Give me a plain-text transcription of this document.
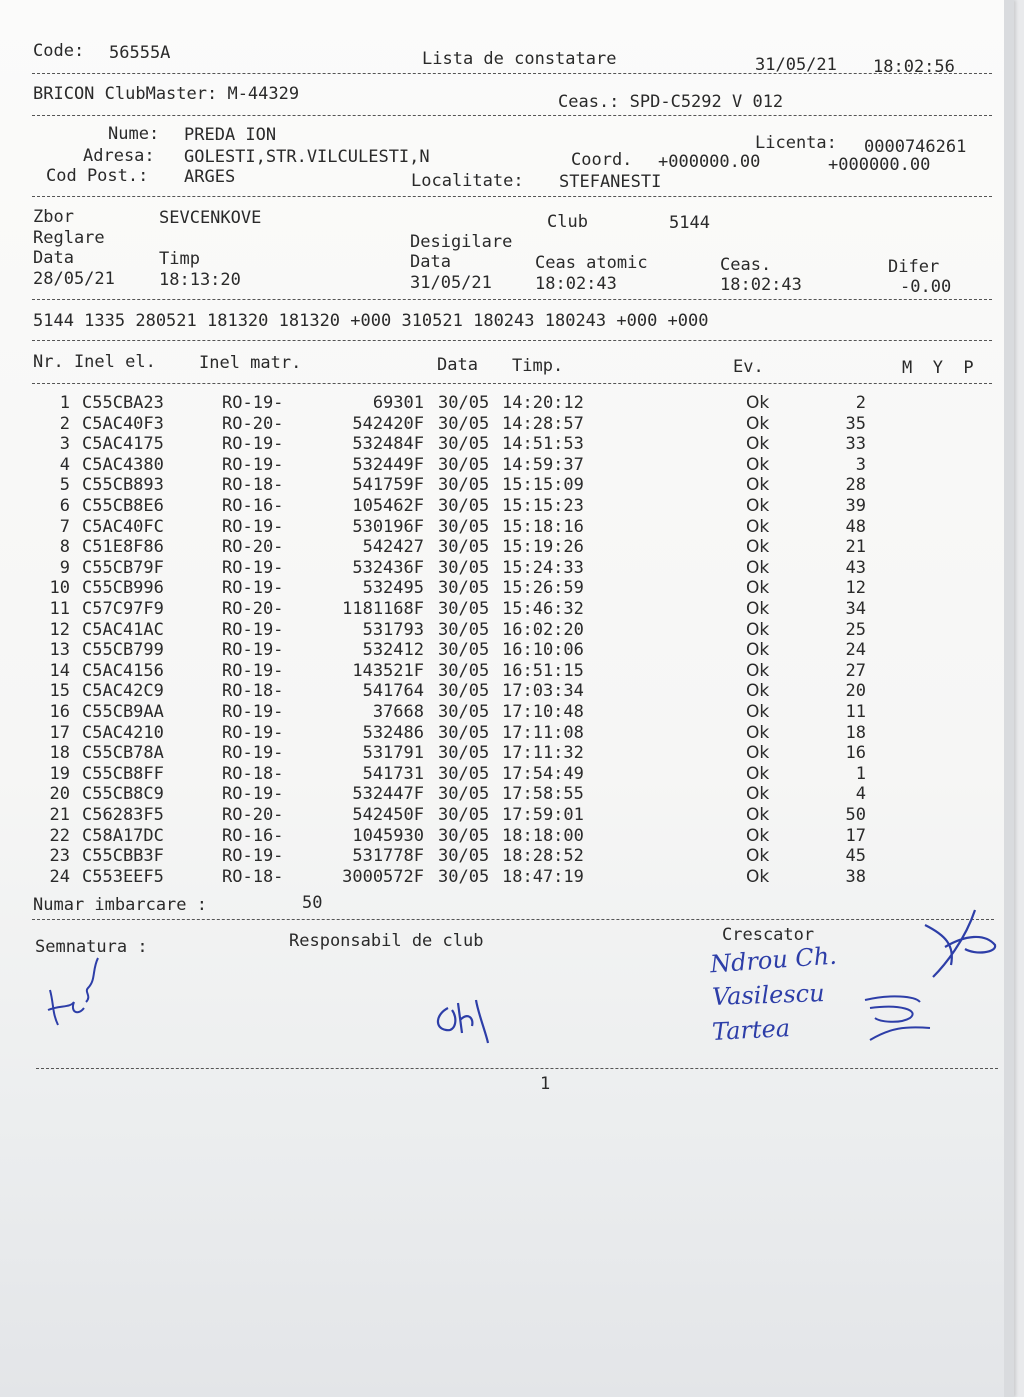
Code: 56555A	Lista de constatare	31/05/21 18:02:56
BRICON ClubMaster: M-44329	Ceas.: SPD-C5292 V 012
Nume: PREDA ION	Licenta: 0000746261
Adresa: GOLESTI,STR.VILCULESTI,N	Coord. +000000.00	+000000.00
Cod Post.: ARGES	Localitate: STEFANESTI
Zbor	SEVCENKOVE	Club	5144
Reglare	Desigilare
Data	Timp	Data	Ceas atomic	Ceas.	Difer
28/05/21	18:13:20	31/05/21	18:02:43	18:02:43	-0.00
5144 1335 280521 181320 181320 +000 310521 180243 180243 +000 +000
Nr. Inel el.	Inel matr.	Data Timp.	Ev.	M  Y  P
1 C55CBA23	RO-19-	69301 30/05 14:20:12	Ok	2
2 C5AC40F3	RO-20-	542420F 30/05 14:28:57	Ok	35
3 C5AC4175	RO-19-	532484F 30/05 14:51:53	Ok	33
4 C5AC4380	RO-19-	532449F 30/05 14:59:37	Ok	3
5 C55CB893	RO-18-	541759F 30/05 15:15:09	Ok	28
6 C55CB8E6	RO-16-	105462F 30/05 15:15:23	Ok	39
7 C5AC40FC	RO-19-	530196F 30/05 15:18:16	Ok	48
8 C51E8F86	RO-20-	542427 30/05 15:19:26	Ok	21
9 C55CB79F	RO-19-	532436F 30/05 15:24:33	Ok	43
10 C55CB996	RO-19-	532495 30/05 15:26:59	Ok	12
11 C57C97F9	RO-20-	1181168F 30/05 15:46:32	Ok	34
12 C5AC41AC	RO-19-	531793 30/05 16:02:20	Ok	25
13 C55CB799	RO-19-	532412 30/05 16:10:06	Ok	24
14 C5AC4156	RO-19-	143521F 30/05 16:51:15	Ok	27
15 C5AC42C9	RO-18-	541764 30/05 17:03:34	Ok	20
16 C55CB9AA	RO-19-	37668 30/05 17:10:48	Ok	11
17 C5AC4210	RO-19-	532486 30/05 17:11:08	Ok	18
18 C55CB78A	RO-19-	531791 30/05 17:11:32	Ok	16
19 C55CB8FF	RO-18-	541731 30/05 17:54:49	Ok	1
20 C55CB8C9	RO-19-	532447F 30/05 17:58:55	Ok	4
21 C56283F5	RO-20-	542450F 30/05 17:59:01	Ok	50
22 C58A17DC	RO-16-	1045930 30/05 18:18:00	Ok	17
23 C55CBB3F	RO-19-	531778F 30/05 18:28:52	Ok	45
24 C553EEF5	RO-18-	3000572F 30/05 18:47:19	Ok	38
Numar imbarcare :	50
Semnatura :	Responsabil de club	Crescator
Ndrou Ch.
Vasilescu
Tartea
1
